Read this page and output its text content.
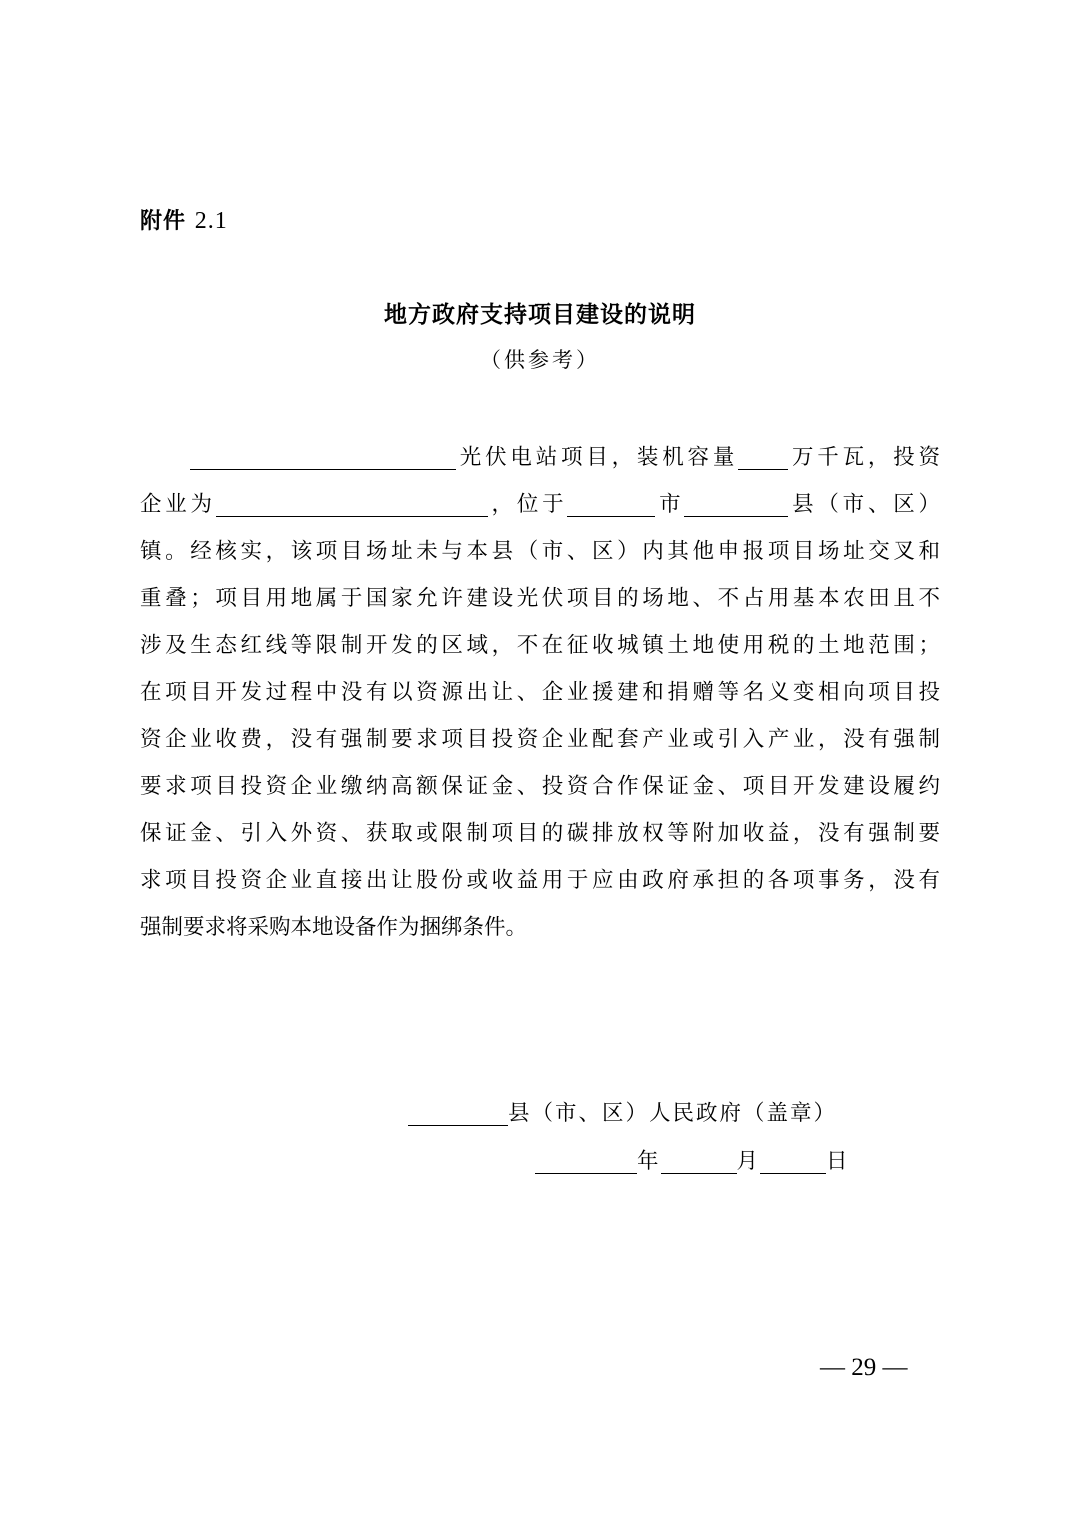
附件 2.1
地方政府支持项目建设的说明
（供参考）
光伏电站项目，装机容量 万千瓦，投资
企业为	，位于	市	县（市、区）
镇。经核实，该项目场址未与本县（市、区）内其他申报项目场址交叉和
重叠；项目用地属于国家允许建设光伏项目的场地、不占用基本农田且不
涉及生态红线等限制开发的区域，不在征收城镇土地使用税的土地范围；
在项目开发过程中没有以资源出让、企业援建和捐赠等名义变相向项目投
资企业收费，没有强制要求项目投资企业配套产业或引入产业，没有强制
要求项目投资企业缴纳高额保证金、投资合作保证金、项目开发建设履约
保证金、引入外资、获取或限制项目的碳排放权等附加收益，没有强制要
求项目投资企业直接出让股份或收益用于应由政府承担的各项事务，没有
强制要求将采购本地设备作为捆绑条件。
县（市、区）人民政府（盖章）
年	月	日
— 29 —
